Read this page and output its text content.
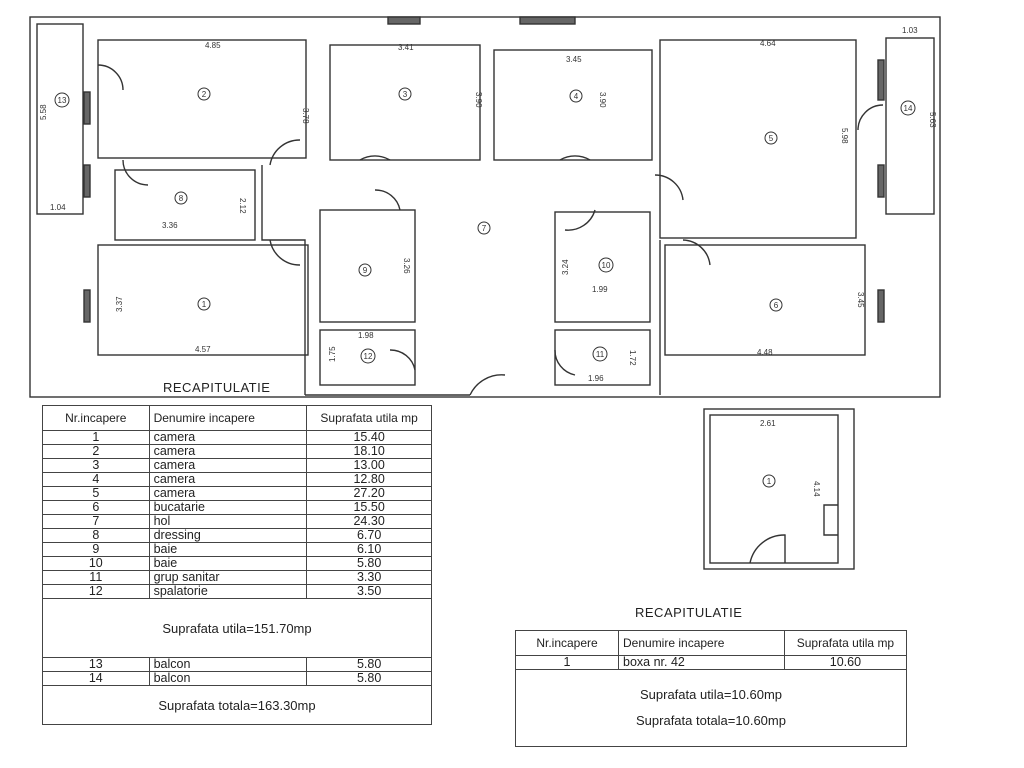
4.85	3.41
3.45
4.64
1.03
1.04
3.36
1.99
4.57
1.98
1.96
4.48
5.58	3.78
3.90	3.90
5.98
5.63
2.12
3.26	3.24
3.37
1.75	1.72
3.45
2	3	4
5
8
7
9
10
1	6
12	11
13
14
2.61
4.14
1
RECAPITULATIE
Nr.incapere	Denumire incapere	Suprafata utila mp
1	camera	15.40
2	camera	18.10
3	camera	13.00
4	camera	12.80
5	camera	27.20
6	bucatarie	15.50
7	hol	24.30
8	dressing	6.70
9	baie	6.10
10	baie	5.80
11	grup sanitar	3.30
12	spalatorie	3.50
Suprafata utila=151.70mp		
13	balcon	5.80
14	balcon	5.80
Suprafata totala=163.30mp		
RECAPITULATIE
Nr.incapere	Denumire incapere	Suprafata utila mp
1	boxa nr. 42	10.60

Suprafata utila=10.60mp
Suprafata totala=10.60mp		
